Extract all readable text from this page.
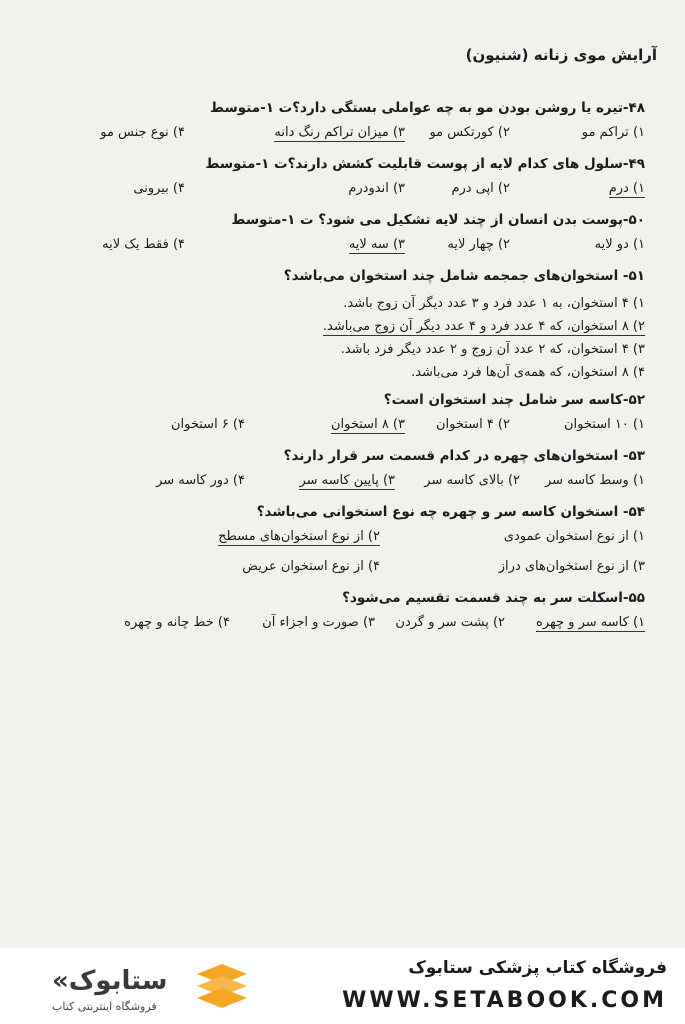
آرایش موی زنانه (شنیون)

۴۸-تیره یا روشن بودن مو به چه عواملی بستگی دارد؟ت ۱-متوسط

۱) تراکم مو
۲) کورتکس مو
۳) میزان تراکم رنگ دانه
۴) نوع جنس مو

۴۹-سلول های کدام لایه از پوست قابلیت کشش دارند؟ت ۱-متوسط

۱) درم
۲) اپی درم
۳) اندودرم
۴) بیرونی

۵۰-پوست بدن انسان از چند لایه تشکیل می شود؟ ت ۱-متوسط

۱) دو لایه
۲) چهار لایه
۳) سه لایه
۴) فقط یک لایه

۵۱- استخوان‌های جمجمه شامل چند استخوان می‌باشد؟

۱) ۴ استخوان، به ۱ عدد فرد و ۳ عدد دیگر آن زوج باشد.
۲) ۸ استخوان، که ۴ عدد فرد و ۴ عدد دیگر آن زوج می‌باشد.
۳) ۴ استخوان، که ۲ عدد آن زوج و ۲ عدد دیگر فرد باشد.
۴) ۸ استخوان، که همه‌ی آن‌ها فرد می‌باشد.

۵۲-کاسه سر شامل چند استخوان است؟

۱) ۱۰ استخوان
۲) ۴ استخوان
۳) ۸ استخوان
۴) ۶ استخوان

۵۳- استخوان‌های چهره در کدام قسمت سر قرار دارند؟

۱) وسط کاسه سر
۲) بالای کاسه سر
۳) پایین کاسه سر
۴) دور کاسه سر

۵۴- استخوان کاسه سر و چهره چه نوع استخوانی می‌باشد؟

۱) از نوع استخوان عمودی
۲) از نوع استخوان‌های مسطح
۳) از نوع استخوان‌های دراز
۴) از نوع استخوان عریض

۵۵-اسکلت سر به چند قسمت تقسیم می‌شود؟

۱) کاسه سر و چهره
۲) پشت سر و گردن
۳) صورت و اجزاء آن
۴) خط چانه و چهره
«ستابوک
فروشگاه اینترنتی کتاب
فروشگاه کتاب پزشکی ستابوک
WWW.SETABOOK.COM
